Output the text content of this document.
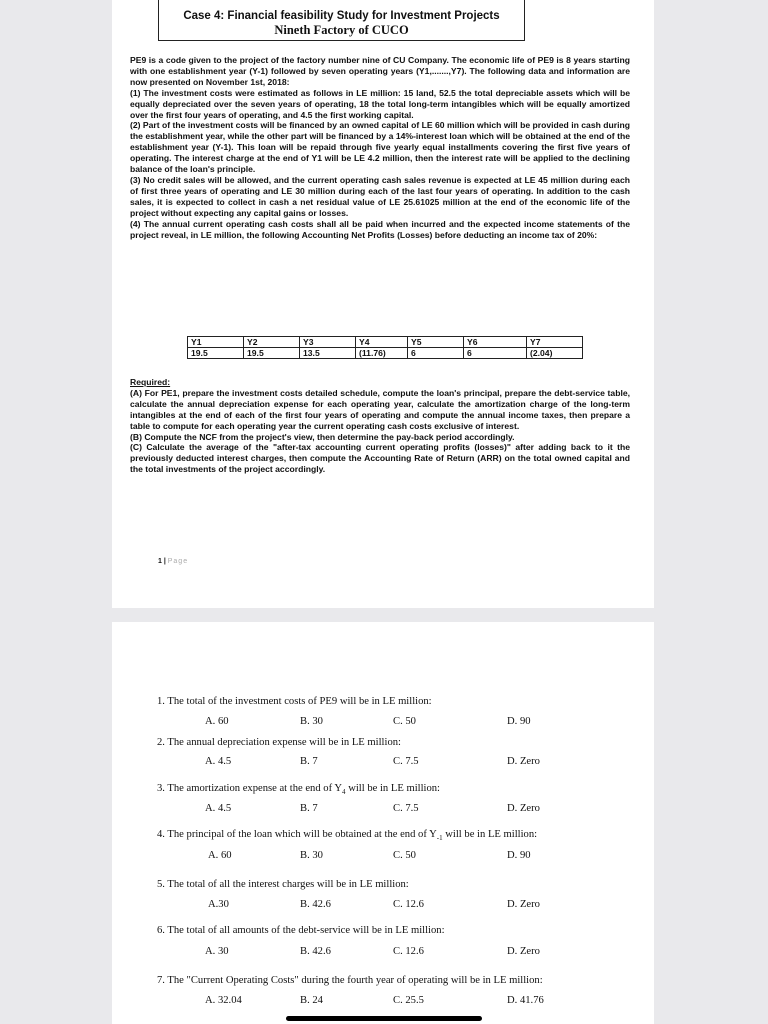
Case 4: Financial feasibility Study for Investment Projects
Nineth Factory of CUCO

PE9 is a code given to the project of the factory number nine of CU Company. The economic life of PE9 is 8 years starting with one establishment year (Y-1) followed by seven operating years (Y1,.......,Y7). The following data and information are now presented on November 1st, 2018:

(1) The investment costs were estimated as follows in LE million: 15 land, 52.5 the total depreciable assets which will be equally depreciated over the seven years of operating, 18 the total long-term intangibles which will be equally amortized over the first four years of operating, and 4.5 the first working capital.

(2) Part of the investment costs will be financed by an owned capital of LE 60 million which will be provided in cash during the establishment year, while the other part will be financed by a 14%-interest loan which will be obtained at the end of the establishment year (Y-1). This loan will be repaid through five yearly equal installments covering the first five years of operating. The interest charge at the end of Y1 will be LE 4.2 million, then the interest rate will be applied to the declining balance of the loan's principle.

(3) No credit sales will be allowed, and the current operating cash sales revenue is expected at LE 45 million during each of first three years of operating and LE 30 million during each of the last four years of operating. In addition to the cash sales, it is expected to collect in cash a net residual value of LE 25.61025 million at the end of the economic life of the project without expecting any capital gains or losses.

(4) The annual current operating cash costs shall all be paid when incurred and the expected income statements of the project reveal, in LE million, the following Accounting Net Profits (Losses) before deducting an income tax of 20%:

Y1	Y2	Y3	Y4	Y5	Y6	Y7
19.5	19.5	13.5	(11.76)	6	6	(2.04)

Required:

(A) For PE1, prepare the investment costs detailed schedule, compute the loan's principal, prepare the debt-service table, calculate the annual depreciation expense for each operating year, calculate the amortization charge of the long-term intangibles at the end of each of the first four years of operating and compute the annual income taxes, then prepare a table to compute for each operating year the current operating cash costs exclusive of interest.

(B) Compute the NCF from the project's view, then determine the pay-back period accordingly.

(C) Calculate the average of the "after-tax accounting current operating profits (losses)" after adding back to it the previously deducted interest charges, then compute the Accounting Rate of Return (ARR) on the total owned capital and the total investments of the project accordingly.

1 | Page
1. The total of the investment costs of PE9 will be in LE million:
A. 60	B. 30	C. 50	D. 90
2. The annual depreciation expense will be in LE million:
A. 4.5	B. 7	C. 7.5	D. Zero
3. The amortization expense at the end of $Y_4$ will be in LE million:
A. 4.5	B. 7	C. 7.5	D. Zero
4. The principal of the loan which will be obtained at the end of $Y_{-1}$ will be in LE million:
A. 60	B. 30	C. 50	D. 90
5. The total of all the interest charges will be in LE million:
A.30	B. 42.6	C. 12.6	D. Zero
6. The total of all amounts of the debt-service will be in LE million:
A. 30	B. 42.6	C. 12.6	D. Zero
7. The "Current Operating Costs" during the fourth year of operating will be in LE million:
A. 32.04	B. 24	C. 25.5	D. 41.76
